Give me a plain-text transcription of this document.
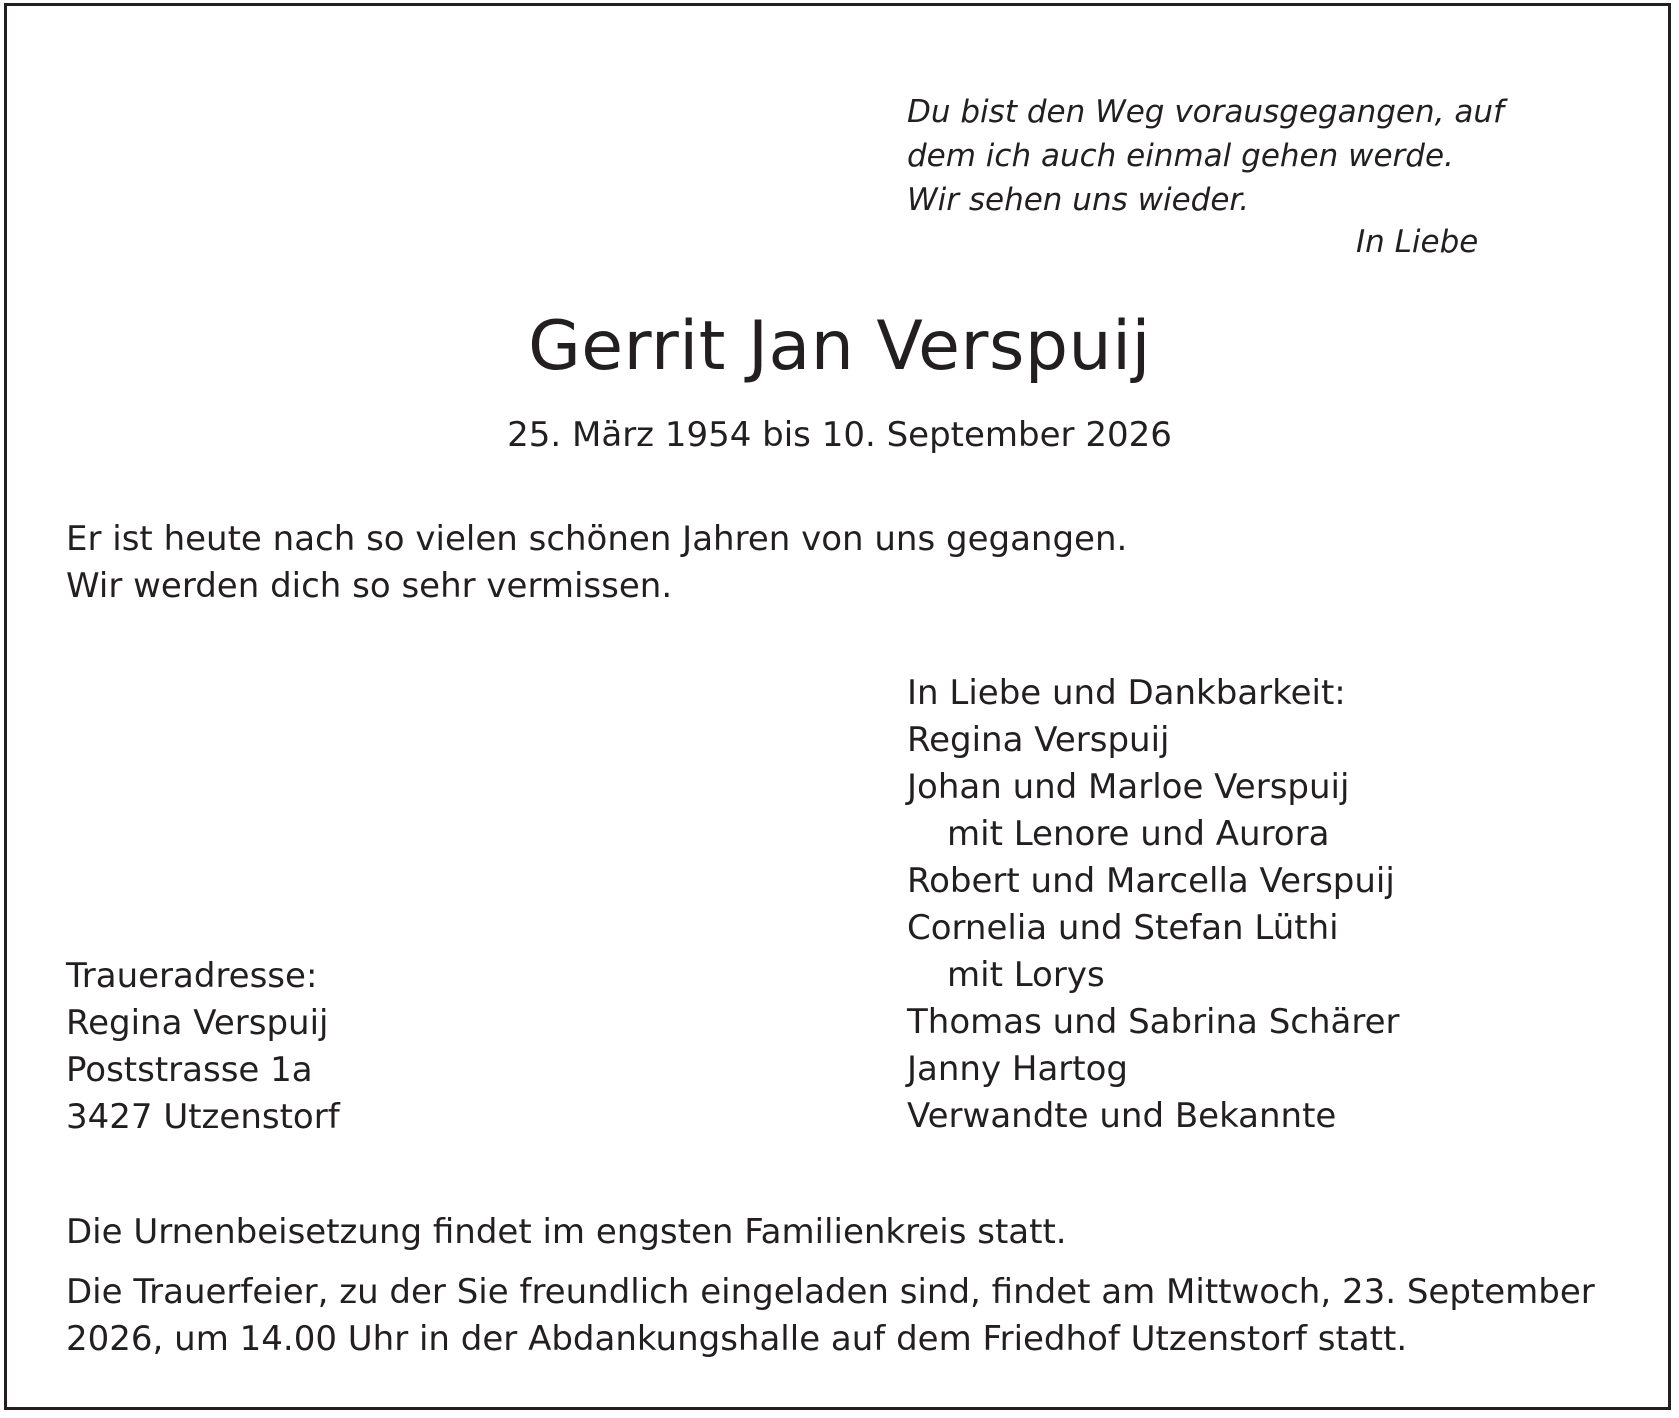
Du bist den Weg vorausgegangen, auf
dem ich auch einmal gehen werde.
Wir sehen uns wieder.
In Liebe
Gerrit Jan Verspuij
25. März 1954 bis 10. September 2026
Er ist heute nach so vielen schönen Jahren von uns gegangen.
Wir werden dich so sehr vermissen.
In Liebe und Dankbarkeit:
Regina Verspuij
Johan und Marloe Verspuij
mit Lenore und Aurora
Robert und Marcella Verspuij
Cornelia und Stefan Lüthi
mit Lorys
Thomas und Sabrina Schärer
Janny Hartog
Verwandte und Bekannte
Traueradresse:
Regina Verspuij
Poststrasse 1a
3427 Utzenstorf
Die Urnenbeisetzung findet im engsten Familienkreis statt.
Die Trauerfeier, zu der Sie freundlich eingeladen sind, findet am Mittwoch, 23. September
2026, um 14.00 Uhr in der Abdankungshalle auf dem Friedhof Utzenstorf statt.
